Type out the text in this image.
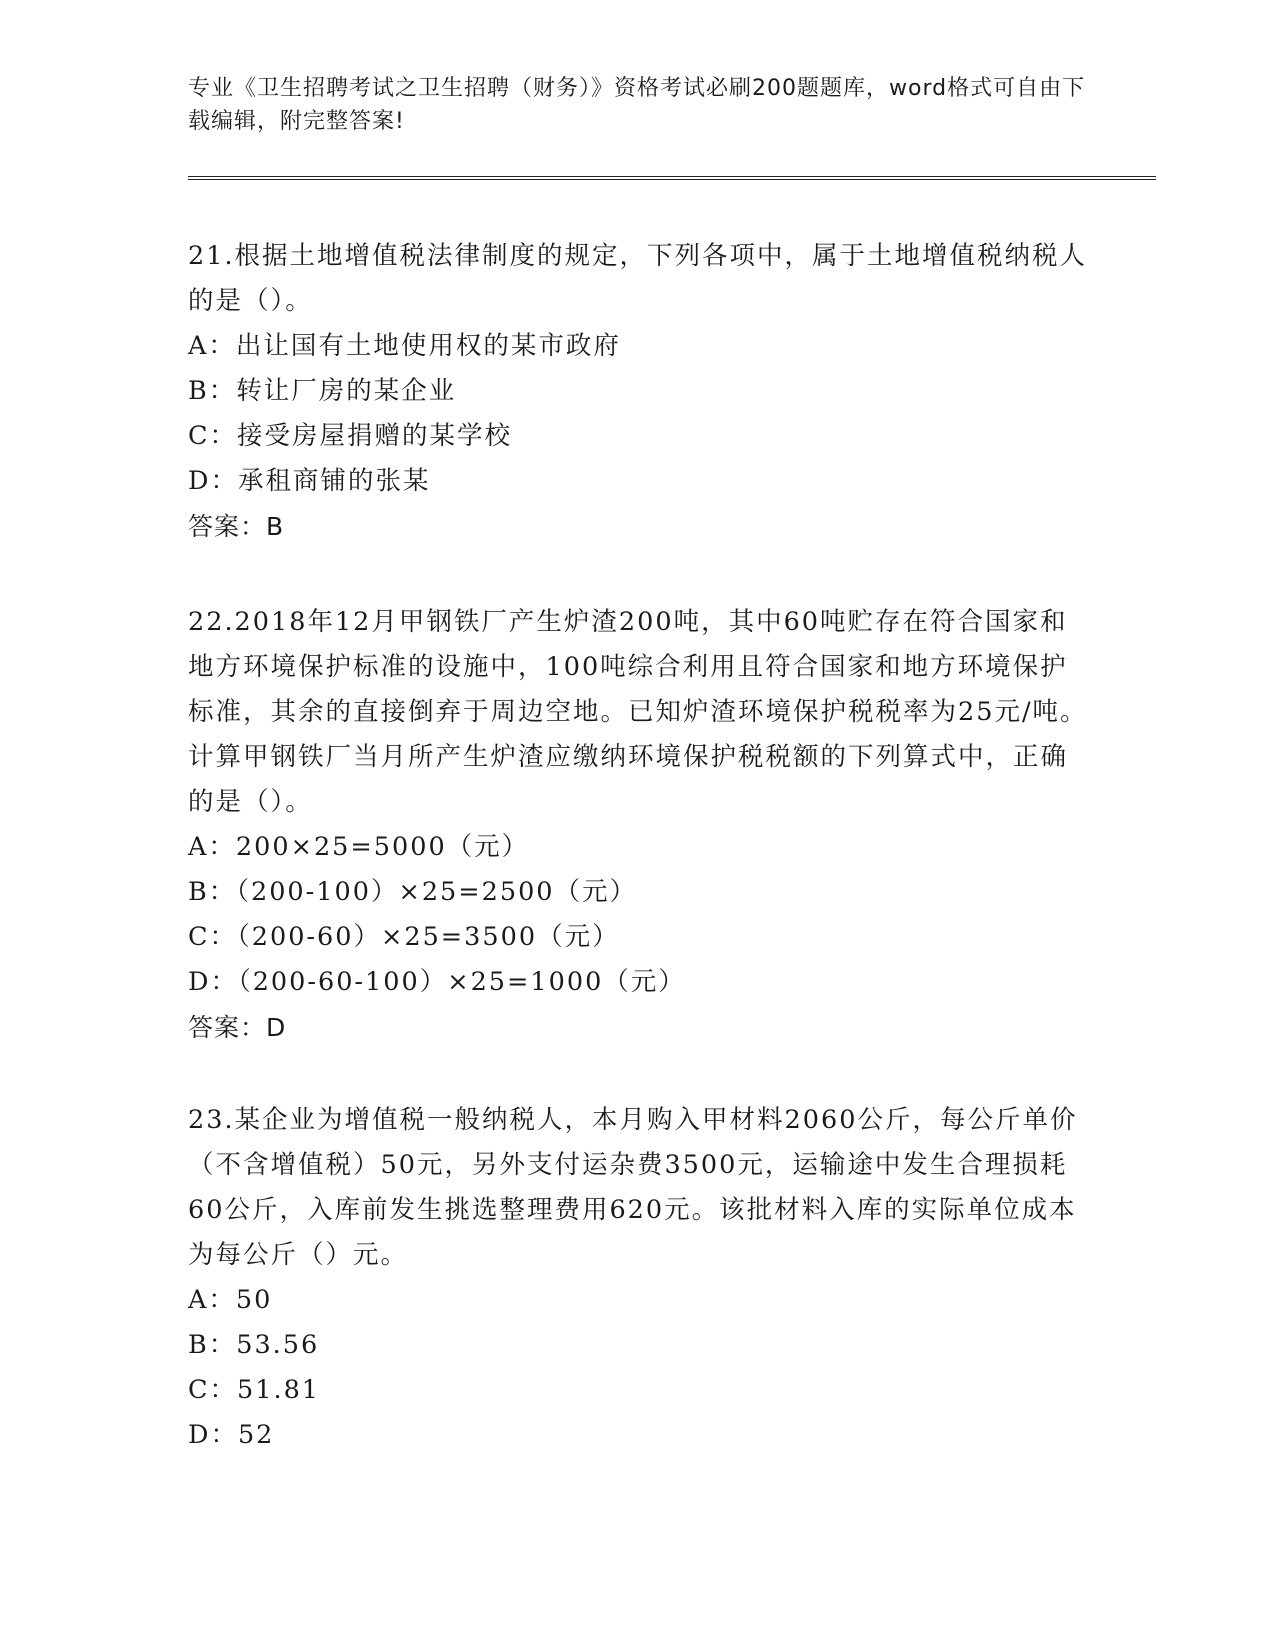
专业《卫生招聘考试之卫生招聘（财务）》资格考试必刷200题题库，word格式可自由下载编辑，附完整答案!

21.根据土地增值税法律制度的规定，下列各项中，属于土地增值税纳税人的是（）。

A：出让国有土地使用权的某市政府

B：转让厂房的某企业

C：接受房屋捐赠的某学校

D：承租商铺的张某

答案：B

22.2018年12月甲钢铁厂产生炉渣200吨，其中60吨贮存在符合国家和地方环境保护标准的设施中，100吨综合利用且符合国家和地方环境保护标准，其余的直接倒弃于周边空地。已知炉渣环境保护税税率为25元/吨。计算甲钢铁厂当月所产生炉渣应缴纳环境保护税税额的下列算式中，正确的是（）。

A：200×25=5000（元）

B：（200-100）×25=2500（元）

C：（200-60）×25=3500（元）

D：（200-60-100）×25=1000（元）

答案：D

23.某企业为增值税一般纳税人，本月购入甲材料2060公斤，每公斤单价（不含增值税）50元，另外支付运杂费3500元，运输途中发生合理损耗60公斤，入库前发生挑选整理费用620元。该批材料入库的实际单位成本为每公斤（）元。

A：50

B：53.56

C：51.81

D：52
